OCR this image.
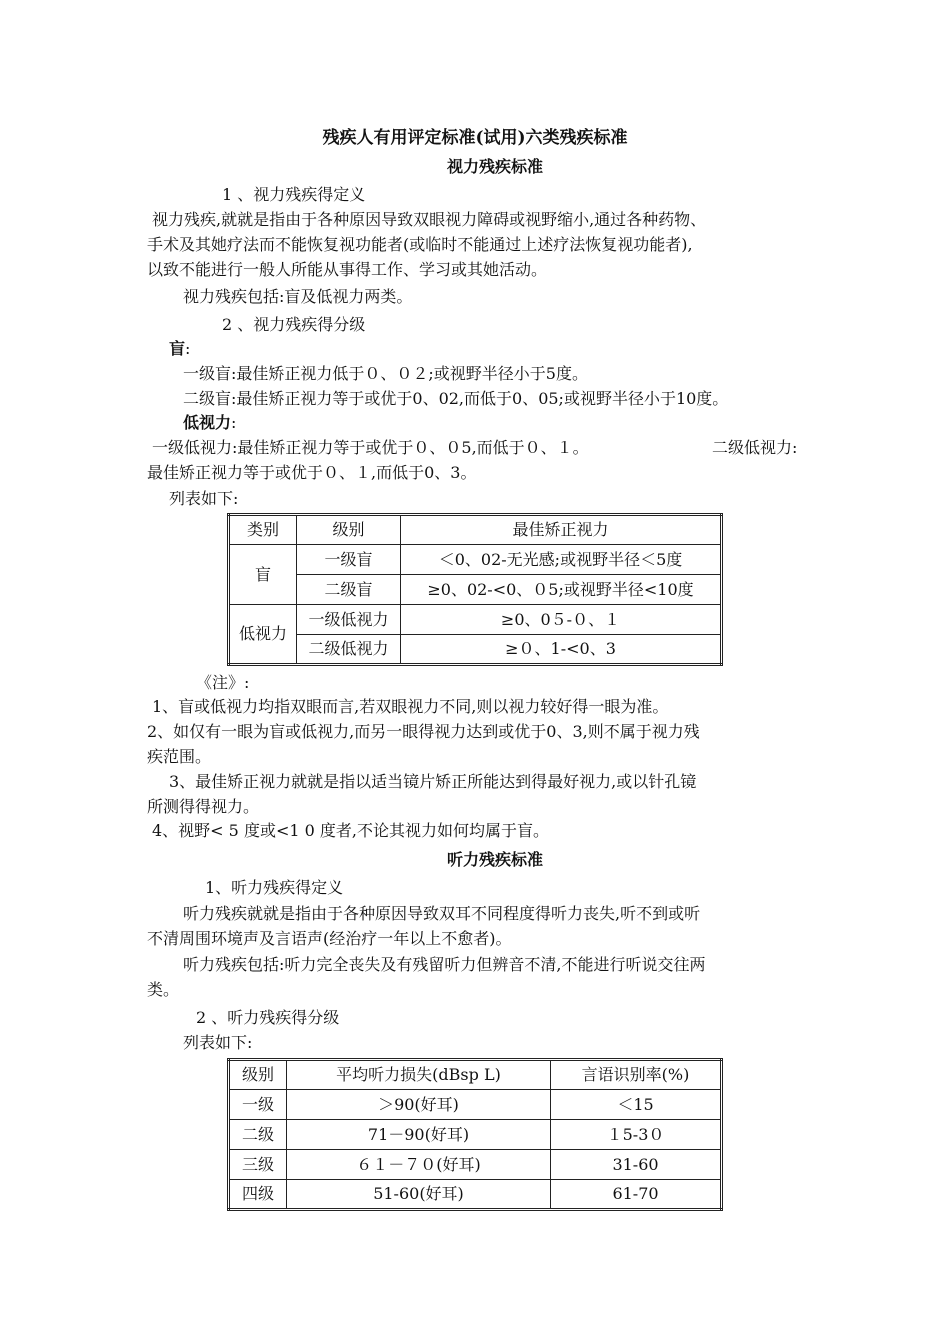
残疾人有用评定标准(试用)六类残疾标准
视力残疾标准
1 、视力残疾得定义
视力残疾,就就是指由于各种原因导致双眼视力障碍或视野缩小,通过各种药物、
手术及其她疗法而不能恢复视功能者(或临时不能通过上述疗法恢复视功能者),
以致不能进行一般人所能从事得工作、学习或其她活动。
视力残疾包括:盲及低视力两类。
2 、视力残疾得分级
盲:
一级盲:最佳矫正视力低于０、０２;或视野半径小于5度。
二级盲:最佳矫正视力等于或优于0、02,而低于0、05;或视野半径小于10度。
低视力:
一级低视力:最佳矫正视力等于或优于０、０5,而低于０、１。	二级低视力:
最佳矫正视力等于或优于０、１,而低于0、3。
列表如下:
类别	级别	最佳矫正视力
盲	一级盲	＜0、02-无光感;或视野半径＜5度
	二级盲	≥0、02-<0、０5;或视野半径<10度
低视力	一级低视力	≥0、0５-０、１
	二级低视力	≥０、1-<0、3
《注》:
1、盲或低视力均指双眼而言,若双眼视力不同,则以视力较好得一眼为准。
2、如仅有一眼为盲或低视力,而另一眼得视力达到或优于0、3,则不属于视力残
疾范围。
3、最佳矫正视力就就是指以适当镜片矫正所能达到得最好视力,或以针孔镜
所测得得视力。
4、视野< 5 度或<1 0 度者,不论其视力如何均属于盲。
听力残疾标准
1、听力残疾得定义
听力残疾就就是指由于各种原因导致双耳不同程度得听力丧失,听不到或听
不清周围环境声及言语声(经治疗一年以上不愈者)。
听力残疾包括:听力完全丧失及有残留听力但辨音不清,不能进行听说交往两
类。
2 、听力残疾得分级
列表如下:
级别	平均听力损失(dBsp L)	言语识别率(%)
一级	＞90(好耳)	＜15
二级	71－90(好耳)	１5-3０
三级	６１－７０(好耳)	31-60
四级	51-60(好耳)	61-70
